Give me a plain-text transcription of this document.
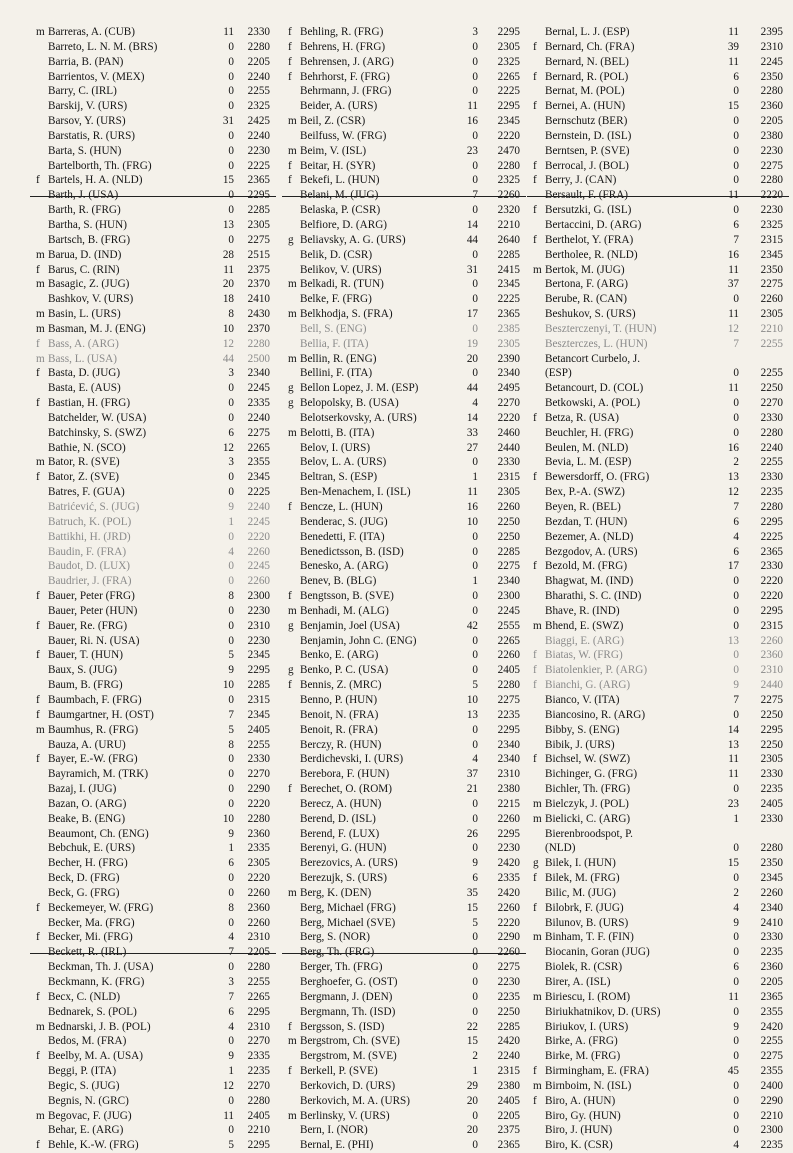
m Barreras, A. (CUB)	11	2330
Barreto, L. N. M. (BRS)	0	2280
Barria, B. (PAN)	0	2205
Barrientos, V. (MEX)	0	2240
Barry, C. (IRL)	0	2255
Barskij, V. (URS)	0	2325
Barsov, Y. (URS)	31	2425
Barstatis, R. (URS)	0	2240
Barta, S. (HUN)	0	2230
Bartelborth, Th. (FRG)	0	2225
f Bartels, H. A. (NLD)	15	2365
Barth, J. (USA)	0	2295
Barth, R. (FRG)	0	2285
Bartha, S. (HUN)	13	2305
Bartsch, B. (FRG)	0	2275
m Barua, D. (IND)	28	2515
f Barus, C. (RIN)	11	2375
m Basagic, Z. (JUG)	20	2370
Bashkov, V. (URS)	18	2410
m Basin, L. (URS)	8	2430
m Basman, M. J. (ENG)	10	2370
f Bass, A. (ARG)	12	2280
m Bass, L. (USA)	44	2500
f Basta, D. (JUG)	3	2340
Basta, E. (AUS)	0	2245
f Bastian, H. (FRG)	0	2335
Batchelder, W. (USA)	0	2240
Batchinsky, S. (SWZ)	6	2275
Bathie, N. (SCO)	12	2265
m Bator, R. (SVE)	3	2355
f Bator, Z. (SVE)	0	2345
Batres, F. (GUA)	0	2225
Batrićević, S. (JUG)	9	2240
Batruch, K. (POL)	1	2245
Battikhi, H. (JRD)	0	2220
Baudin, F. (FRA)	4	2260
Baudot, D. (LUX)	0	2245
Baudrier, J. (FRA)	0	2260
f Bauer, Peter (FRG)	8	2300
Bauer, Peter (HUN)	0	2230
f Bauer, Re. (FRG)	0	2310
Bauer, Ri. N. (USA)	0	2230
f Bauer, T. (HUN)	5	2345
Baux, S. (JUG)	9	2295
Baum, B. (FRG)	10	2285
f Baumbach, F. (FRG)	0	2315
f Baumgartner, H. (OST)	7	2345
m Baumhus, R. (FRG)	5	2405
Bauza, A. (URU)	8	2255
f Bayer, E.-W. (FRG)	0	2330
Bayramich, M. (TRK)	0	2270
Bazaj, I. (JUG)	0	2290
Bazan, O. (ARG)	0	2220
Beake, B. (ENG)	10	2280
Beaumont, Ch. (ENG)	9	2360
Bebchuk, E. (URS)	1	2335
Becher, H. (FRG)	6	2305
Beck, D. (FRG)	0	2220
Beck, G. (FRG)	0	2260
f Beckemeyer, W. (FRG)	8	2360
Becker, Ma. (FRG)	0	2260
f Becker, Mi. (FRG)	4	2310
Beckett, R. (IRL)	7	2205
Beckman, Th. J. (USA)	0	2280
Beckmann, K. (FRG)	3	2255
f Becx, C. (NLD)	7	2265
Bednarek, S. (POL)	6	2295
m Bednarski, J. B. (POL)	4	2310
Bedos, M. (FRA)	0	2270
f Beelby, M. A. (USA)	9	2335
Beggi, P. (ITA)	1	2235
Begic, S. (JUG)	12	2270
Begnis, N. (GRC)	0	2280
m Begovac, F. (JUG)	11	2405
Behar, E. (ARG)	0	2210
f Behle, K.-W. (FRG)	5	2295
f Behling, R. (FRG)	3	2295
f Behrens, H. (FRG)	0	2305
f Behrensen, J. (ARG)	0	2325
f Behrhorst, F. (FRG)	0	2265
Behrmann, J. (FRG)	0	2225
Beider, A. (URS)	11	2295
m Beil, Z. (CSR)	16	2345
Beilfuss, W. (FRG)	0	2220
m Beim, V. (ISL)	23	2470
f Beitar, H. (SYR)	0	2280
f Bekefi, L. (HUN)	0	2325
Belani, M. (JUG)	7	2260
Belaska, P. (CSR)	0	2320
Belfiore, D. (ARG)	14	2210
g Beliavsky, A. G. (URS)	44	2640
Belik, D. (CSR)	0	2285
Belikov, V. (URS)	31	2415
m Belkadi, R. (TUN)	0	2345
Belke, F. (FRG)	0	2225
m Belkhodja, S. (FRA)	17	2365
Bell, S. (ENG)	0	2385
Bellia, F. (ITA)	19	2305
m Bellin, R. (ENG)	20	2390
Bellini, F. (ITA)	0	2340
g Bellon Lopez, J. M. (ESP)	44	2495
g Belopolsky, B. (USA)	4	2270
Belotserkovsky, A. (URS)	14	2220
m Belotti, B. (ITA)	33	2460
Belov, I. (URS)	27	2440
Belov, L. A. (URS)	0	2330
Beltran, S. (ESP)	1	2315
Ben-Menachem, I. (ISL)	11	2305
f Bencze, L. (HUN)	16	2260
Benderac, S. (JUG)	10	2250
Benedetti, F. (ITA)	0	2250
Benedictsson, B. (ISD)	0	2285
Benesko, A. (ARG)	0	2275
Benev, B. (BLG)	1	2340
f Bengtsson, B. (SVE)	0	2300
m Benhadi, M. (ALG)	0	2245
g Benjamin, Joel (USA)	42	2555
Benjamin, John C. (ENG)	0	2265
Benko, E. (ARG)	0	2260
g Benko, P. C. (USA)	0	2405
f Bennis, Z. (MRC)	5	2280
Benno, P. (HUN)	10	2275
Benoit, N. (FRA)	13	2235
Benoit, R. (FRA)	0	2295
Berczy, R. (HUN)	0	2340
Berdichevski, I. (URS)	4	2340
Berebora, F. (HUN)	37	2310
f Berechet, O. (ROM)	21	2380
Berecz, A. (HUN)	0	2215
Berend, D. (ISL)	0	2260
Berend, F. (LUX)	26	2295
Berenyi, G. (HUN)	0	2230
Berezovics, A. (URS)	9	2420
Berezujk, S. (URS)	6	2335
m Berg, K. (DEN)	35	2420
Berg, Michael (FRG)	15	2260
Berg, Michael (SVE)	5	2220
Berg, S. (NOR)	0	2290
Berg, Th. (FRG)	0	2260
Berger, Th. (FRG)	0	2275
Berghoefer, G. (OST)	0	2230
Bergmann, J. (DEN)	0	2235
Bergmann, Th. (ISD)	0	2250
f Bergsson, S. (ISD)	22	2285
m Bergstrom, Ch. (SVE)	15	2420
Bergstrom, M. (SVE)	2	2240
f Berkell, P. (SVE)	1	2315
Berkovich, D. (URS)	29	2380
Berkovich, M. A. (URS)	20	2405
m Berlinsky, V. (URS)	0	2205
Bern, I. (NOR)	20	2375
Bernal, E. (PHI)	0	2365
Bernal, L. J. (ESP)	11	2395
f Bernard, Ch. (FRA)	39	2310
Bernard, N. (BEL)	11	2245
f Bernard, R. (POL)	6	2350
Bernat, M. (POL)	0	2280
f Bernei, A. (HUN)	15	2360
Bernschutz (BER)	0	2205
Bernstein, D. (ISL)	0	2380
Berntsen, P. (SVE)	0	2230
f Berrocal, J. (BOL)	0	2275
f Berry, J. (CAN)	0	2280
Bersault, F. (FRA)	11	2220
f Bersutzki, G. (ISL)	0	2230
Bertaccini, D. (ARG)	6	2325
f Berthelot, Y. (FRA)	7	2315
Bertholee, R. (NLD)	16	2345
m Bertok, M. (JUG)	11	2350
Bertona, F. (ARG)	37	2275
Berube, R. (CAN)	0	2260
Beshukov, S. (URS)	11	2305
Beszterczenyi, T. (HUN)	12	2210
Beszterczes, L. (HUN)	7	2255
Betancort Curbelo, J.
(ESP)	0	2255
Betancourt, D. (COL)	11	2250
Betkowski, A. (POL)	0	2270
f Betza, R. (USA)	0	2330
Beuchler, H. (FRG)	0	2280
Beulen, M. (NLD)	16	2240
Bevia, L. M. (ESP)	2	2255
f Bewersdorff, O. (FRG)	13	2330
Bex, P.-A. (SWZ)	12	2235
Beyen, R. (BEL)	7	2280
Bezdan, T. (HUN)	6	2295
Bezemer, A. (NLD)	4	2225
Bezgodov, A. (URS)	6	2365
f Bezold, M. (FRG)	17	2330
Bhagwat, M. (IND)	0	2220
Bharathi, S. C. (IND)	0	2220
Bhave, R. (IND)	0	2295
m Bhend, E. (SWZ)	0	2315
Biaggi, E. (ARG)	13	2260
f Biatas, W. (FRG)	0	2360
f Biatolenkier, P. (ARG)	0	2310
f Bianchi, G. (ARG)	9	2440
Bianco, V. (ITA)	7	2275
Biancosino, R. (ARG)	0	2250
Bibby, S. (ENG)	14	2295
Bibik, J. (URS)	13	2250
f Bichsel, W. (SWZ)	11	2305
Bichinger, G. (FRG)	11	2330
Bichler, Th. (FRG)	0	2235
m Bielczyk, J. (POL)	23	2405
m Bielicki, C. (ARG)	1	2330
Bierenbroodspot, P.
(NLD)	0	2280
g Bilek, I. (HUN)	15	2350
f Bilek, M. (FRG)	0	2345
Bilic, M. (JUG)	2	2260
f Bilobrk, F. (JUG)	4	2340
Bilunov, B. (URS)	9	2410
m Binham, T. F. (FIN)	0	2330
Biocanin, Goran (JUG)	0	2235
Biolek, R. (CSR)	6	2360
Birer, A. (ISL)	0	2205
m Biriescu, I. (ROM)	11	2365
Biriukhatnikov, D. (URS)	0	2355
Biriukov, I. (URS)	9	2420
Birke, A. (FRG)	0	2255
Birke, M. (FRG)	0	2275
f Birmingham, E. (FRA)	45	2355
m Birnboim, N. (ISL)	0	2400
f Biro, A. (HUN)	0	2290
Biro, Gy. (HUN)	0	2210
Biro, J. (HUN)	0	2300
Biro, K. (CSR)	4	2235
